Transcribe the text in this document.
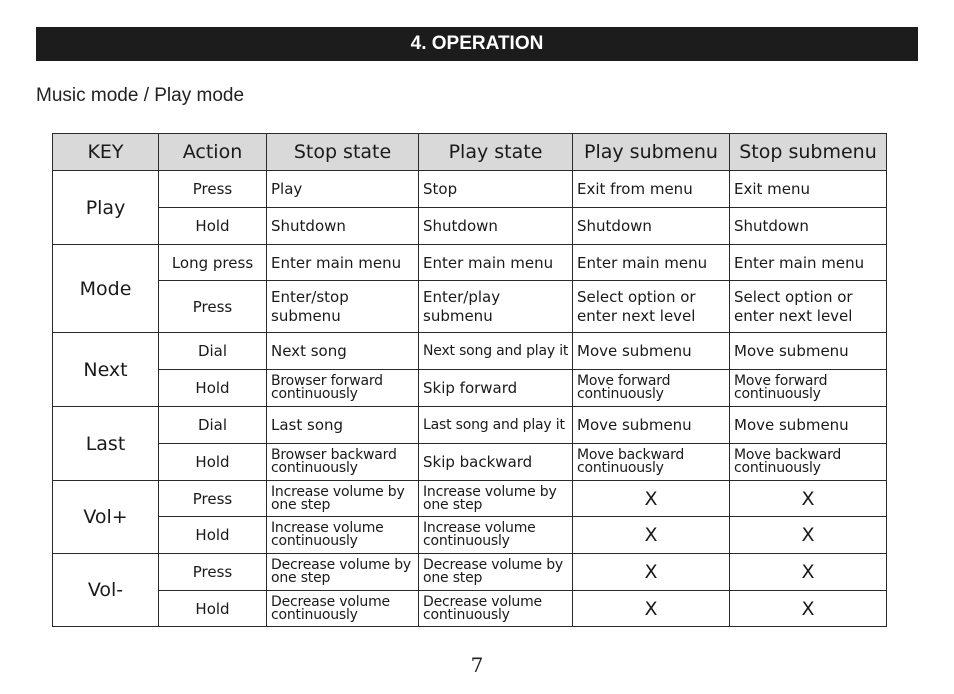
4. OPERATION
Music mode / Play mode
KEY	Action	Stop state	Play state	Play submenu	Stop submenu
Play	Press	Play	Stop	Exit from menu	Exit menu
	Hold	Shutdown	Shutdown	Shutdown	Shutdown
Mode	Long press	Enter main menu	Enter main menu	Enter main menu	Enter main menu
	Press	Enter/stop submenu	Enter/play submenu	Select option or enter next level	Select option or enter next level
Next	Dial	Next song	Next song and play it	Move submenu	Move submenu
	Hold	Browser forward continuously	Skip forward	Move forward continuously	Move forward continuously
Last	Dial	Last song	Last song and play it	Move submenu	Move submenu
	Hold	Browser backward continuously	Skip backward	Move backward continuously	Move backward continuously
Vol+	Press	Increase volume by one step	Increase volume by one step	X	X
	Hold	Increase volume continuously	Increase volume continuously	X	X
Vol-	Press	Decrease volume by one step	Decrease volume by one step	X	X
	Hold	Decrease volume continuously	Decrease volume continuously	X	X
7
